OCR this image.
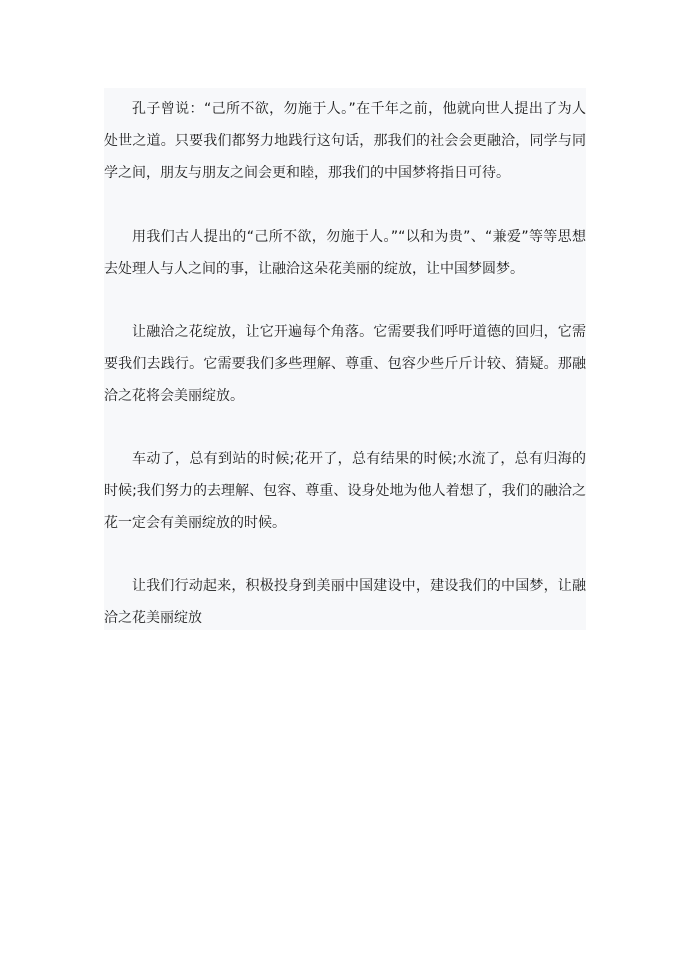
孔子曾说：“己所不欲，勿施于人。”在千年之前，他就向世人提出了为人处世之道。只要我们都努力地践行这句话，那我们的社会会更融洽，同学与同学之间，朋友与朋友之间会更和睦，那我们的中国梦将指日可待。

用我们古人提出的“己所不欲，勿施于人。”“以和为贵”、“兼爱”等等思想去处理人与人之间的事，让融洽这朵花美丽的绽放，让中国梦圆梦。

让融洽之花绽放，让它开遍每个角落。它需要我们呼吁道德的回归，它需要我们去践行。它需要我们多些理解、尊重、包容少些斤斤计较、猜疑。那融洽之花将会美丽绽放。

车动了，总有到站的时候;花开了，总有结果的时候;水流了，总有归海的时候;我们努力的去理解、包容、尊重、设身处地为他人着想了，我们的融洽之花一定会有美丽绽放的时候。

让我们行动起来，积极投身到美丽中国建设中，建设我们的中国梦，让融洽之花美丽绽放
